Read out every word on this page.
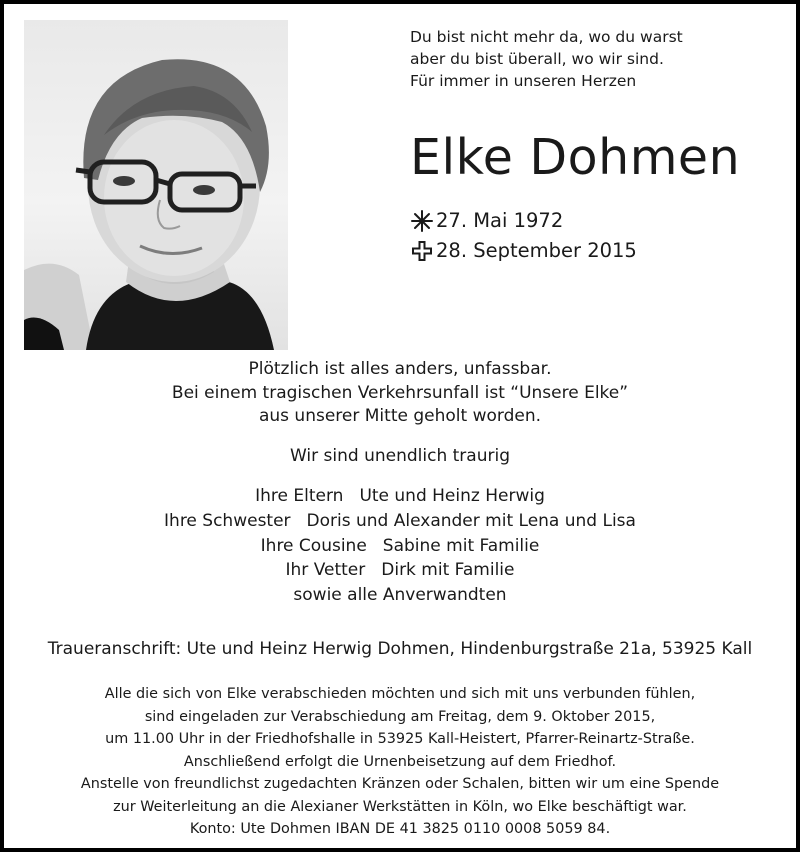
Du bist nicht mehr da, wo du warst
aber du bist überall, wo wir sind.
Für immer in unseren Herzen
Elke Dohmen
27. Mai 1972
28. September 2015
Plötzlich ist alles anders, unfassbar.
Bei einem tragischen Verkehrsunfall ist “Unsere Elke”
aus unserer Mitte geholt worden.
Wir sind unendlich traurig
Ihre Eltern Ute und Heinz Herwig
Ihre Schwester Doris und Alexander mit Lena und Lisa
Ihre Cousine Sabine mit Familie
Ihr Vetter Dirk mit Familie
sowie alle Anverwandten
Traueranschrift: Ute und Heinz Herwig Dohmen, Hindenburgstraße 21a, 53925 Kall
Alle die sich von Elke verabschieden möchten und sich mit uns verbunden fühlen,
sind eingeladen zur Verabschiedung am Freitag, dem 9. Oktober 2015,
um 11.00 Uhr in der Friedhofshalle in 53925 Kall-Heistert, Pfarrer-Reinartz-Straße.
Anschließend erfolgt die Urnenbeisetzung auf dem Friedhof.
Anstelle von freundlichst zugedachten Kränzen oder Schalen, bitten wir um eine Spende
zur Weiterleitung an die Alexianer Werkstätten in Köln, wo Elke beschäftigt war.
Konto: Ute Dohmen IBAN DE 41 3825 0110 0008 5059 84.
